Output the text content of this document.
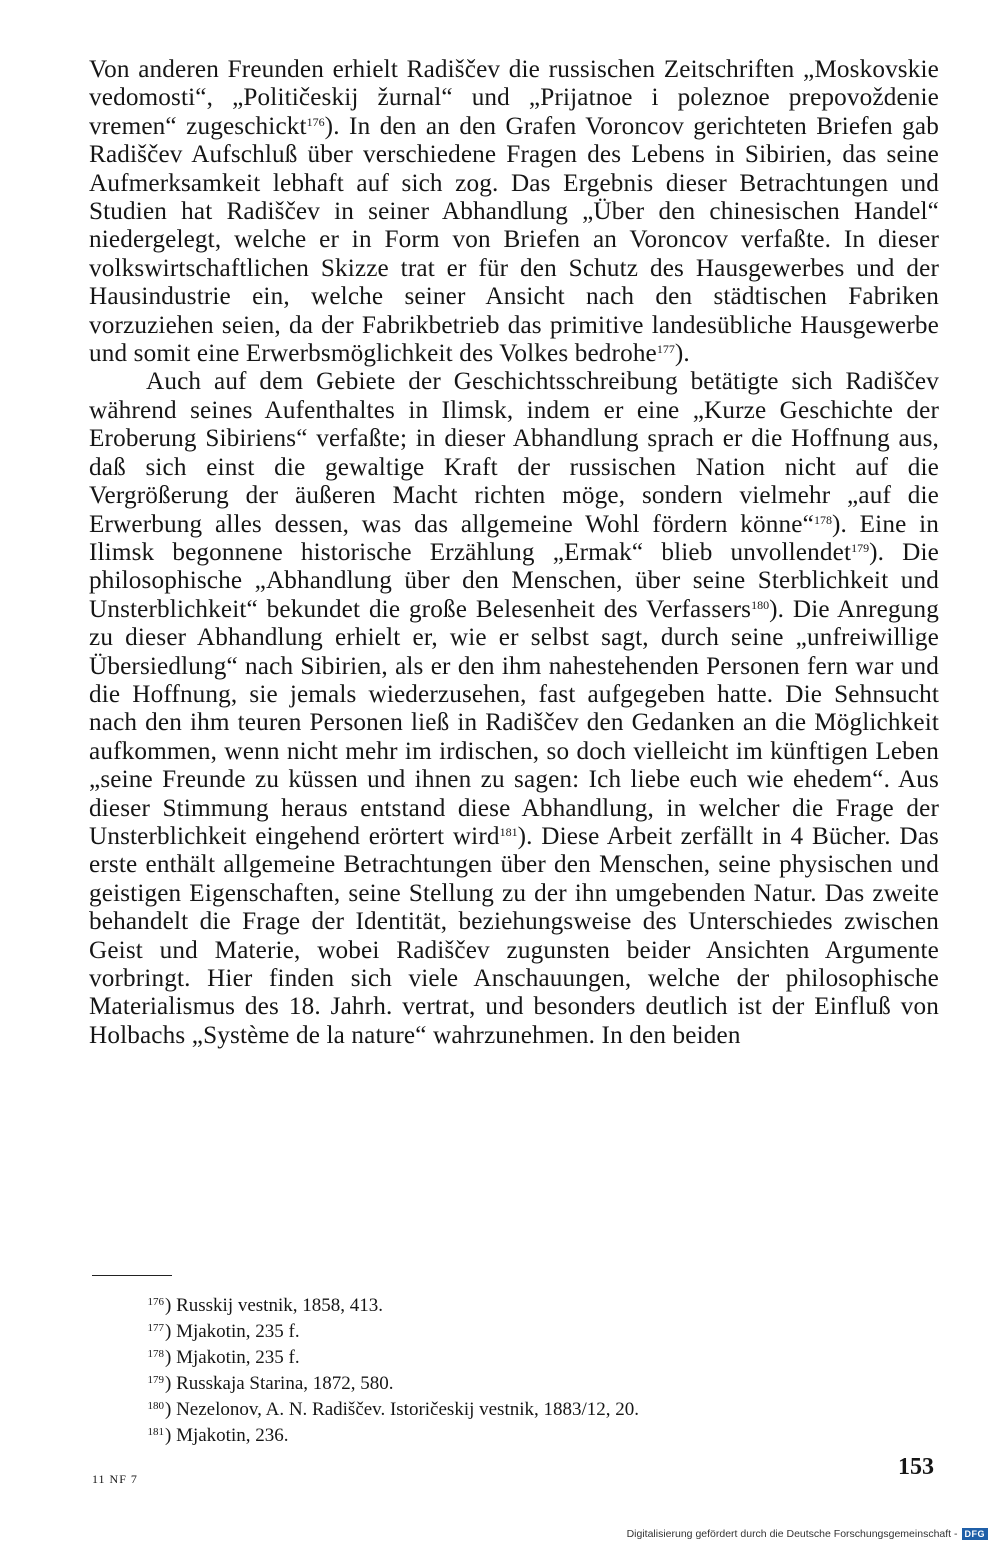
Von anderen Freunden erhielt Radiščev die russischen Zeitschriften „Moskovskie vedomosti“, „Političeskij žurnal“ und „Prijatnoe i poleznoe prepovoždenie vremen“ zugeschickt$^{176}$). In den an den Grafen Voroncov gerichteten Briefen gab Radiščev Aufschluß über verschiedene Fragen des Lebens in Sibirien, das seine Aufmerksamkeit lebhaft auf sich zog. Das Ergebnis dieser Betrachtungen und Studien hat Radiščev in seiner Abhandlung „Über den chinesischen Handel“ niedergelegt, welche er in Form von Briefen an Voroncov verfaßte. In dieser volkswirtschaftlichen Skizze trat er für den Schutz des Hausgewerbes und der Hausindustrie ein, welche seiner Ansicht nach den städtischen Fabriken vorzuziehen seien, da der Fabrikbetrieb das primitive landesübliche Hausgewerbe und somit eine Erwerbsmöglichkeit des Volkes bedrohe$^{177}$).

Auch auf dem Gebiete der Geschichtsschreibung betätigte sich Radiščev während seines Aufenthaltes in Ilimsk, indem er eine „Kurze Geschichte der Eroberung Sibiriens“ verfaßte; in dieser Abhandlung sprach er die Hoffnung aus, daß sich einst die gewaltige Kraft der russischen Nation nicht auf die Vergrößerung der äußeren Macht richten möge, sondern vielmehr „auf die Erwerbung alles dessen, was das allgemeine Wohl fördern könne“$^{178}$). Eine in Ilimsk begonnene historische Erzählung „Ermak“ blieb unvollendet$^{179}$). Die philosophische „Abhandlung über den Menschen, über seine Sterblichkeit und Unsterblichkeit“ bekundet die große Belesenheit des Verfassers$^{180}$). Die Anregung zu dieser Abhandlung erhielt er, wie er selbst sagt, durch seine „unfreiwillige Übersiedlung“ nach Sibirien, als er den ihm nahestehenden Personen fern war und die Hoffnung, sie jemals wiederzusehen, fast aufgegeben hatte. Die Sehnsucht nach den ihm teuren Personen ließ in Radiščev den Gedanken an die Möglichkeit aufkommen, wenn nicht mehr im irdischen, so doch vielleicht im künftigen Leben „seine Freunde zu küssen und ihnen zu sagen: Ich liebe euch wie ehedem“. Aus dieser Stimmung heraus entstand diese Abhandlung, in welcher die Frage der Unsterblichkeit eingehend erörtert wird$^{181}$). Diese Arbeit zerfällt in 4 Bücher. Das erste enthält allgemeine Betrachtungen über den Menschen, seine physischen und geistigen Eigenschaften, seine Stellung zu der ihn umgebenden Natur. Das zweite behandelt die Frage der Identität, beziehungsweise des Unterschiedes zwischen Geist und Materie, wobei Radiščev zugunsten beider Ansichten Argumente vorbringt. Hier finden sich viele Anschauungen, welche der philosophische Materialismus des 18. Jahrh. vertrat, und besonders deutlich ist der Einfluß von Holbachs „Système de la nature“ wahrzunehmen. In den beiden

176) Russkij vestnik, 1858, 413.
177) Mjakotin, 235 f.
178) Mjakotin, 235 f.
179) Russkaja Starina, 1872, 580.
180) Nezelonov, A. N. Radiščev. Istoričeskij vestnik, 1883/12, 20.
181) Mjakotin, 236.
11 NF 7	153
Digitalisierung gefördert durch die Deutsche Forschungsgemeinschaft - DFG
